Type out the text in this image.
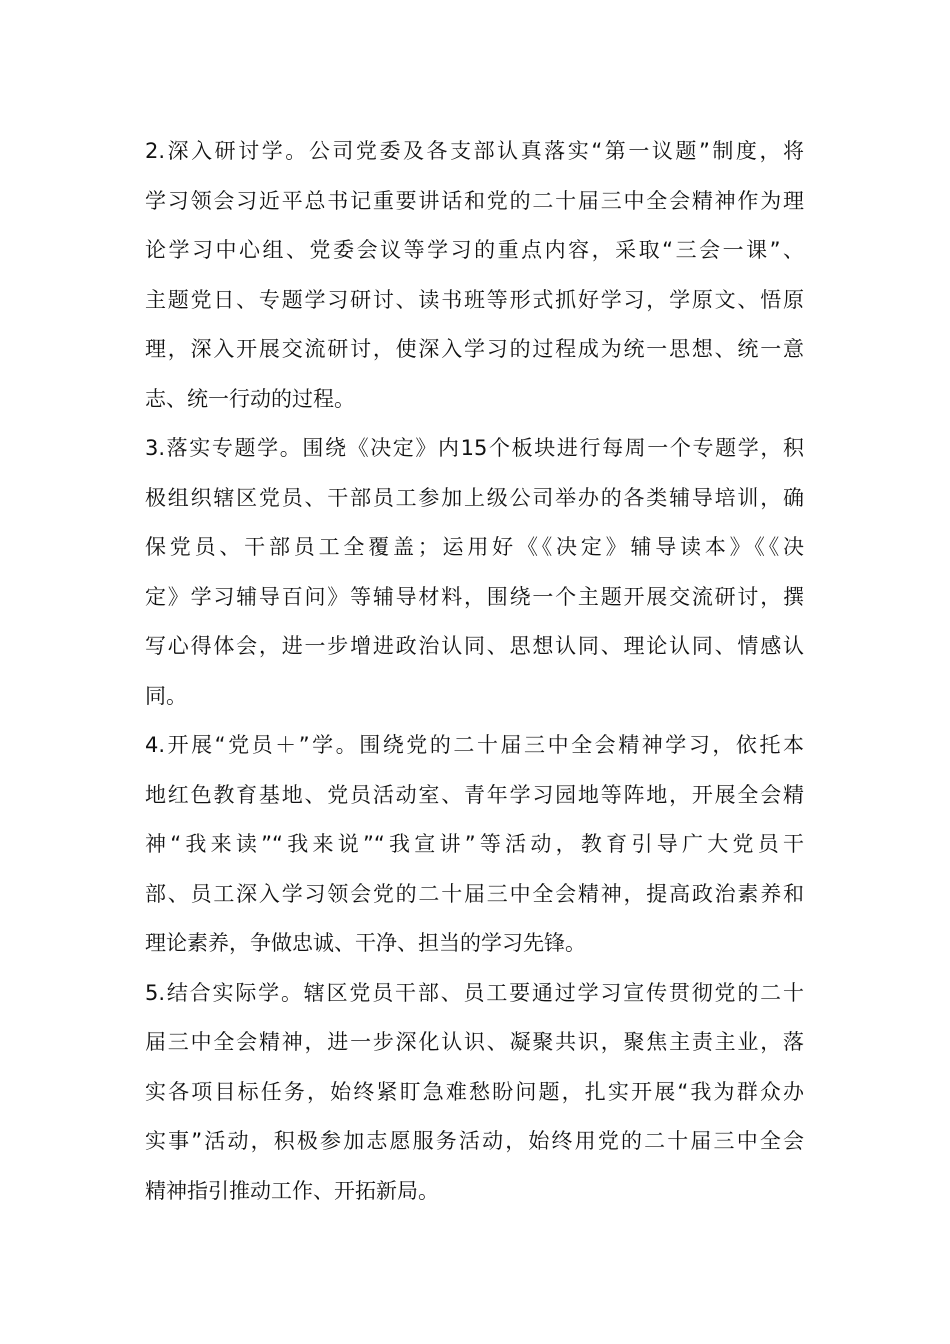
2.深入研讨学。公司党委及各支部认真落实“第一议题”制度，将
学习领会习近平总书记重要讲话和党的二十届三中全会精神作为理
论学习中心组、党委会议等学习的重点内容，采取“三会一课”、
主题党日、专题学习研讨、读书班等形式抓好学习，学原文、悟原
理，深入开展交流研讨，使深入学习的过程成为统一思想、统一意
志、统一行动的过程。
3.落实专题学。围绕《决定》内15个板块进行每周一个专题学，积
极组织辖区党员、干部员工参加上级公司举办的各类辅导培训，确
保党员、干部员工全覆盖；运用好《《决定》辅导读本》《《决
定》学习辅导百问》等辅导材料，围绕一个主题开展交流研讨，撰
写心得体会，进一步增进政治认同、思想认同、理论认同、情感认
同。
4.开展“党员＋”学。围绕党的二十届三中全会精神学习，依托本
地红色教育基地、党员活动室、青年学习园地等阵地，开展全会精
神“我来读”“我来说”“我宣讲”等活动，教育引导广大党员干
部、员工深入学习领会党的二十届三中全会精神，提高政治素养和
理论素养，争做忠诚、干净、担当的学习先锋。
5.结合实际学。辖区党员干部、员工要通过学习宣传贯彻党的二十
届三中全会精神，进一步深化认识、凝聚共识，聚焦主责主业，落
实各项目标任务，始终紧盯急难愁盼问题，扎实开展“我为群众办
实事”活动，积极参加志愿服务活动，始终用党的二十届三中全会
精神指引推动工作、开拓新局。
